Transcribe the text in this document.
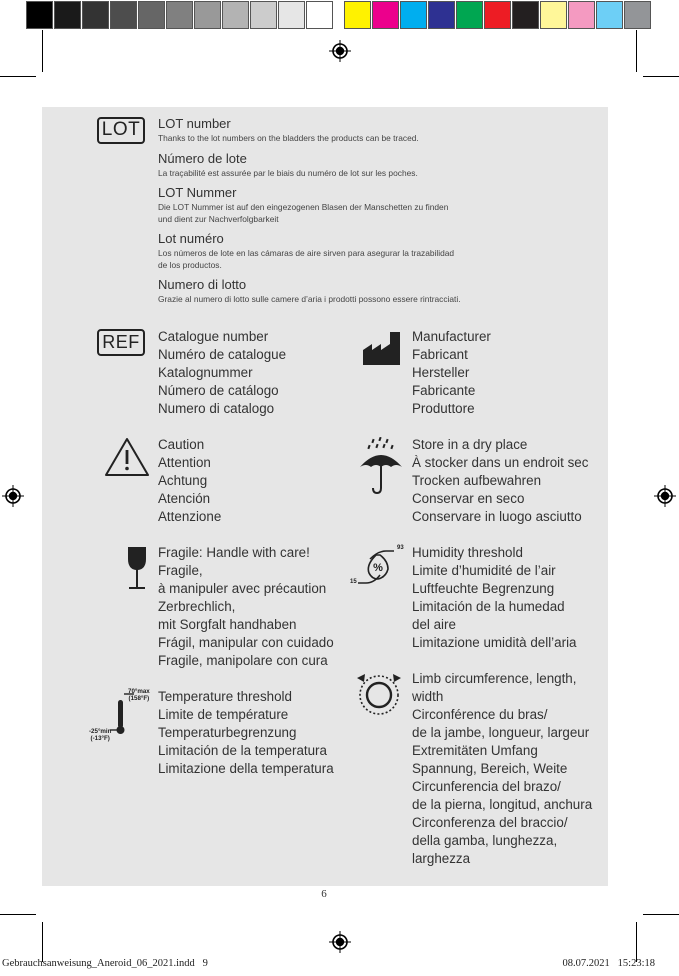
LOT	LOT number
Thanks to the lot numbers on the bladders the products can be traced.
Número de lote
La traçabilité est assurée par le biais du numéro de lot sur les poches.
LOT Nummer
Die LOT Nummer ist auf den eingezogenen Blasen der Manschetten zu finden
und dient zur Nachverfolgbarkeit
Lot numéro
Los números de lote en las cámaras de aire sirven para asegurar la trazabilidad
de los productos.
Numero di lotto
Grazie al numero di lotto sulle camere d’aria i prodotti possono essere rintracciati.
REF	Catalogue number
Numéro de catalogue
Katalognummer
Número de catálogo
Numero di catalogo
Manufacturer
Fabricant
Hersteller
Fabricante
Produttore
Caution
Attention
Achtung
Atención
Attenzione
Store in a dry place
À stocker dans un endroit sec
Trocken aufbewahren
Conservar en seco
Conservare in luogo asciutto
Fragile: Handle with care!
Fragile,
à manipuler avec précaution
Zerbrechlich,
mit Sorgfalt handhaben
Frágil, manipular con cuidado
Fragile, manipolare con cura
%
93
15
Humidity threshold
Limite d’humidité de l’air
Luftfeuchte Begrenzung
Limitación de la humedad
del aire
Limitazione umidità dell’aria
70°max
(158°F)
-25°min
(-13°F)
Temperature threshold
Limite de température
Temperaturbegrenzung
Limitación de la temperatura
Limitazione della temperatura
Limb circumference, length,
width
Circonférence du bras/
de la jambe, longueur, largeur
Extremitäten Umfang
Spannung, Bereich, Weite
Circunferencia del brazo/
de la pierna, longitud, anchura
Circonferenza del braccio/
della gamba, lunghezza,
larghezza
6
Gebrauchsanweisung_Aneroid_06_2021.indd   9	08.07.2021   15:23:18
